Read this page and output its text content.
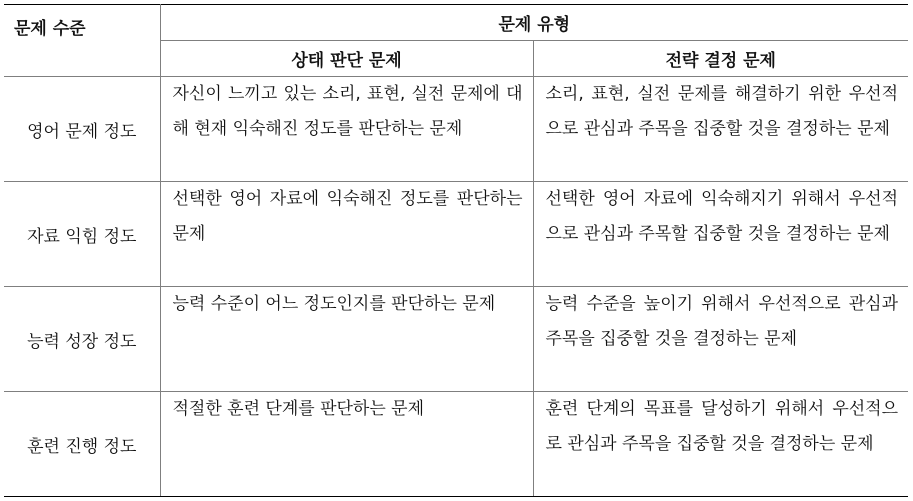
문제 수준	문제 유형	
	상태 판단 문제	전략 결정 문제
영어 문제 정도	자신이 느끼고 있는 소리, 표현, 실전 문제에 대해 현재 익숙해진 정도를 판단하는 문제	소리, 표현, 실전 문제를 해결하기 위한 우선적으로 관심과 주목을 집중할 것을 결정하는 문제
자료 익힘 정도	선택한 영어 자료에 익숙해진 정도를 판단하는 문제	선택한 영어 자료에 익숙해지기 위해서 우선적으로 관심과 주목할 집중할 것을 결정하는 문제
능력 성장 정도	능력 수준이 어느 정도인지를 판단하는 문제	능력 수준을 높이기 위해서 우선적으로 관심과 주목을 집중할 것을 결정하는 문제
훈련 진행 정도	적절한 훈련 단계를 판단하는 문제	훈련 단계의 목표를 달성하기 위해서 우선적으로 관심과 주목을 집중할 것을 결정하는 문제
